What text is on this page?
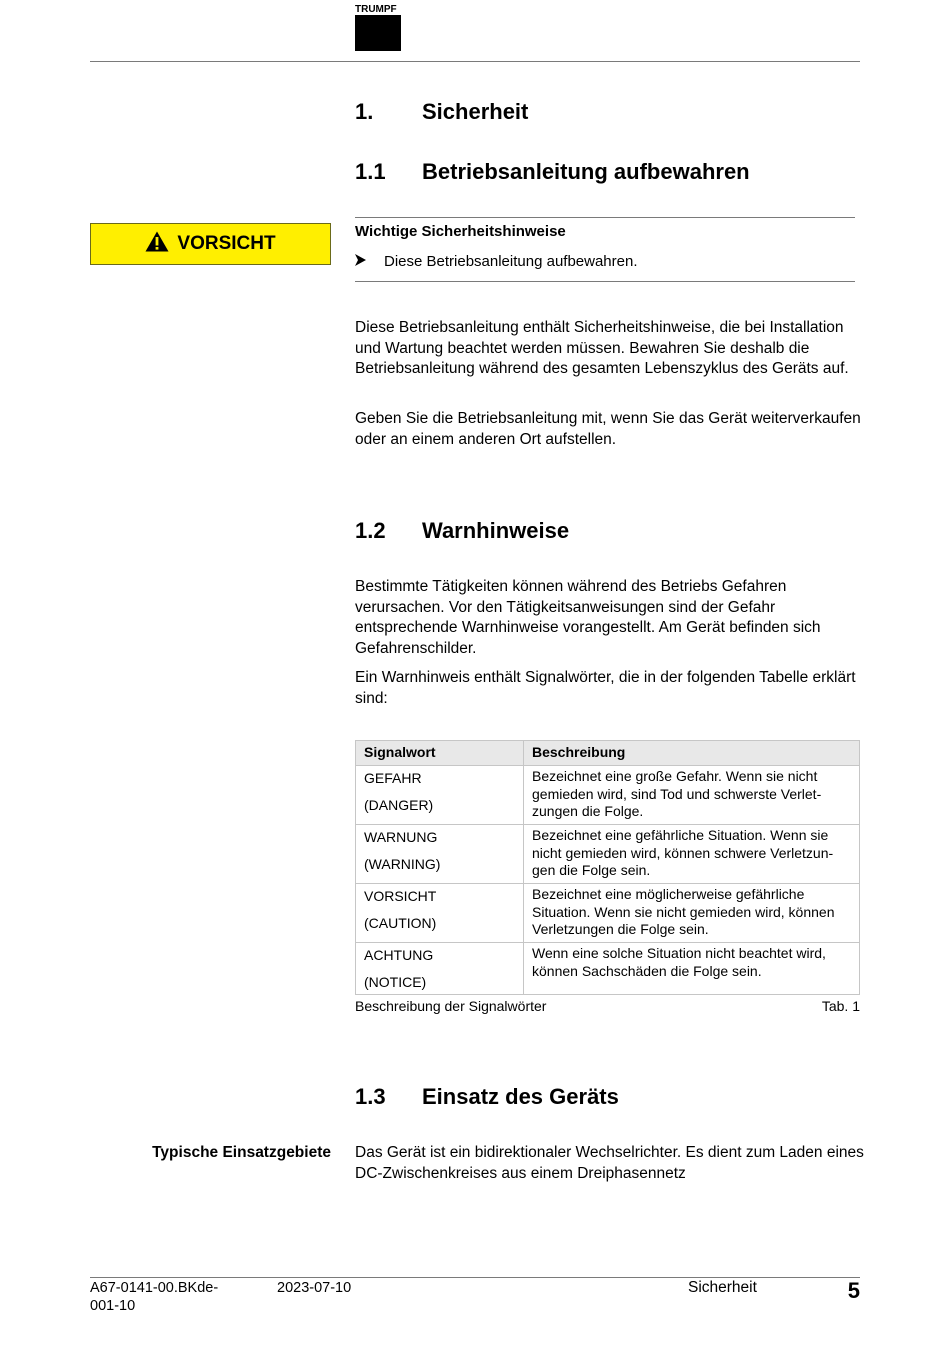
TRUMPF
1. Sicherheit
1.1 Betriebsanleitung aufbewahren
VORSICHT
Wichtige Sicherheitshinweise
Diese Betriebsanleitung aufbewahren.

Diese Betriebsanleitung enthält Sicherheitshinweise, die bei Installation und Wartung beachtet werden müssen. Bewahren Sie deshalb die Betriebsanleitung während des gesamten Lebenszyklus des Geräts auf.

Geben Sie die Betriebsanleitung mit, wenn Sie das Gerät weiterverkaufen oder an einem anderen Ort aufstellen.

1.2 Warnhinweise

Bestimmte Tätigkeiten können während des Betriebs Gefahren verursachen. Vor den Tätigkeitsanweisungen sind der Gefahr entsprechende Warnhinweise vorangestellt. Am Gerät befinden sich Gefahrenschilder.

Ein Warnhinweis enthält Signalwörter, die in der folgenden Tabelle erklärt sind:

Signalwort	Beschreibung

GEFAHR
(DANGER)	Bezeichnet eine große Gefahr. Wenn sie nicht gemieden wird, sind Tod und schwerste Verletzungen die Folge.

WARNUNG
(WARNING)	Bezeichnet eine gefährliche Situation. Wenn sie nicht gemieden wird, können schwere Verletzungen die Folge sein.

VORSICHT
(CAUTION)	Bezeichnet eine möglicherweise gefährliche Situation. Wenn sie nicht gemieden wird, können Verletzungen die Folge sein.

ACHTUNG
(NOTICE)	Wenn eine solche Situation nicht beachtet wird, können Sachschäden die Folge sein.
Beschreibung der Signalwörter	Tab. 1
1.3 Einsatz des Geräts
Typische Einsatzgebiete Das Gerät ist ein bidirektionaler Wechselrichter. Es dient zum Laden eines DC-Zwischenkreises aus einem Dreiphasennetz

A67-0141-00.BKde-001-10
2023-07-10	Sicherheit	5
